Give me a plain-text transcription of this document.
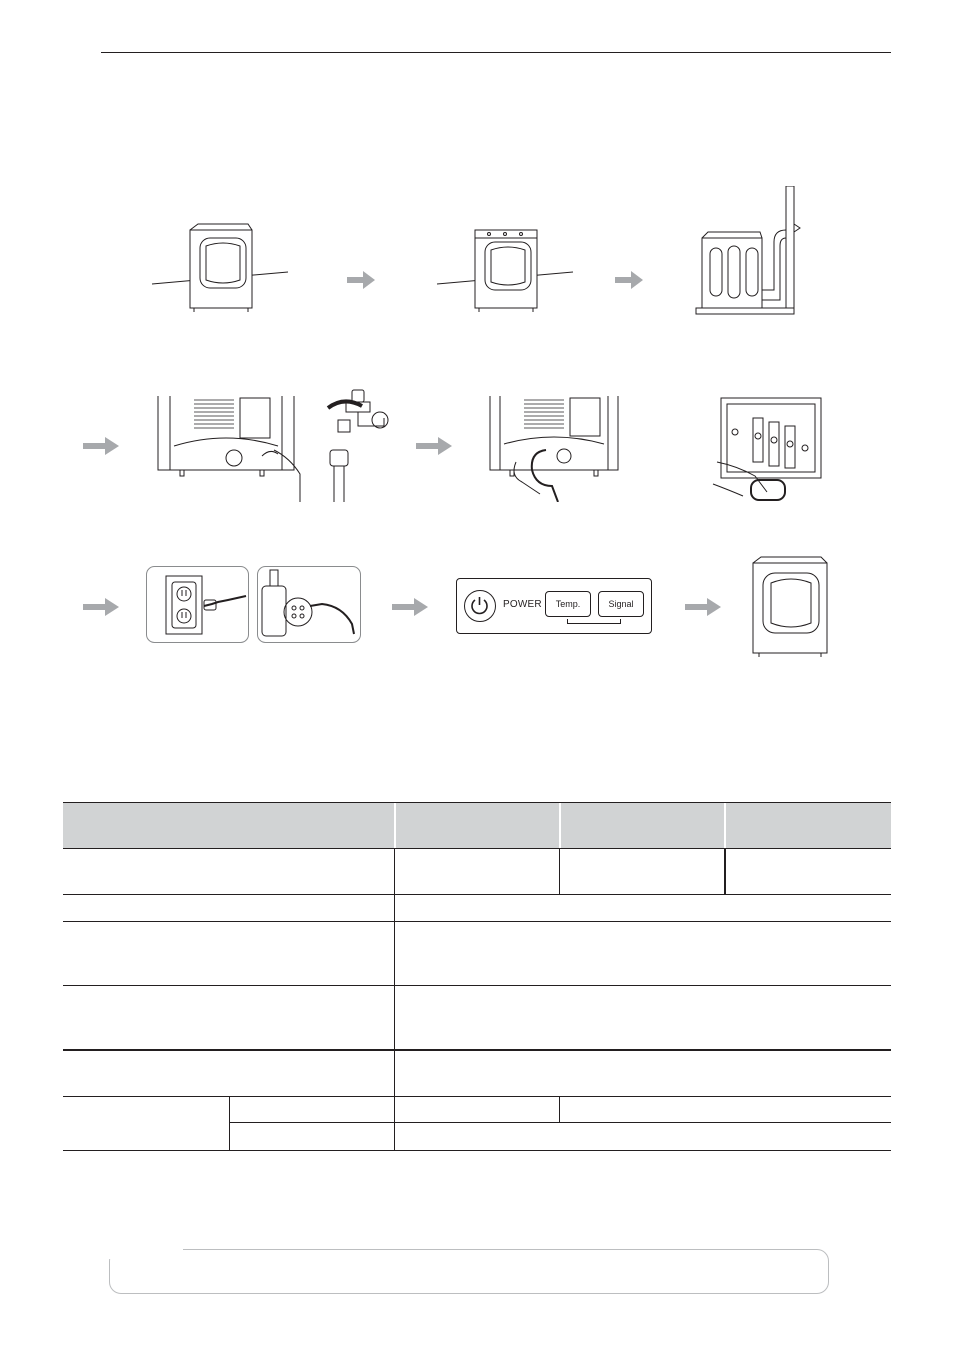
POWER	Temp.	Signal
